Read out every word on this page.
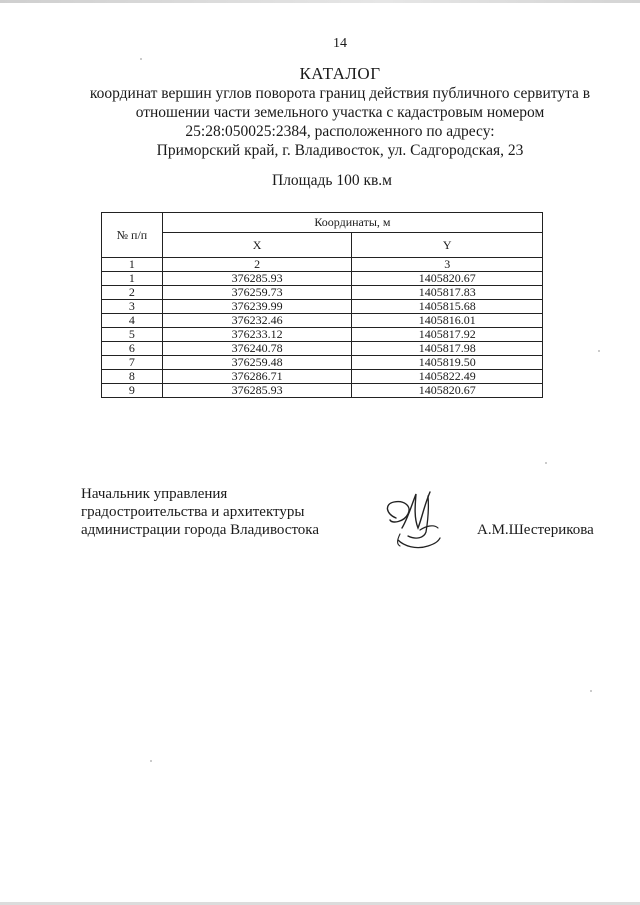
14
КАТАЛОГ
координат вершин углов поворота границ действия публичного сервитута в
отношении части земельного участка с кадастровым номером
25:28:050025:2384, расположенного по адресу:
Приморский край, г. Владивосток, ул. Садгородская, 23
Площадь 100 кв.м
№ п/п	Координаты, м	
	X	Y
1	2	3
1	376285.93	1405820.67
2	376259.73	1405817.83
3	376239.99	1405815.68
4	376232.46	1405816.01
5	376233.12	1405817.92
6	376240.78	1405817.98
7	376259.48	1405819.50
8	376286.71	1405822.49
9	376285.93	1405820.67
Начальник управления
градостроительства и архитектуры
администрации города Владивостока	А.М.Шестерикова
